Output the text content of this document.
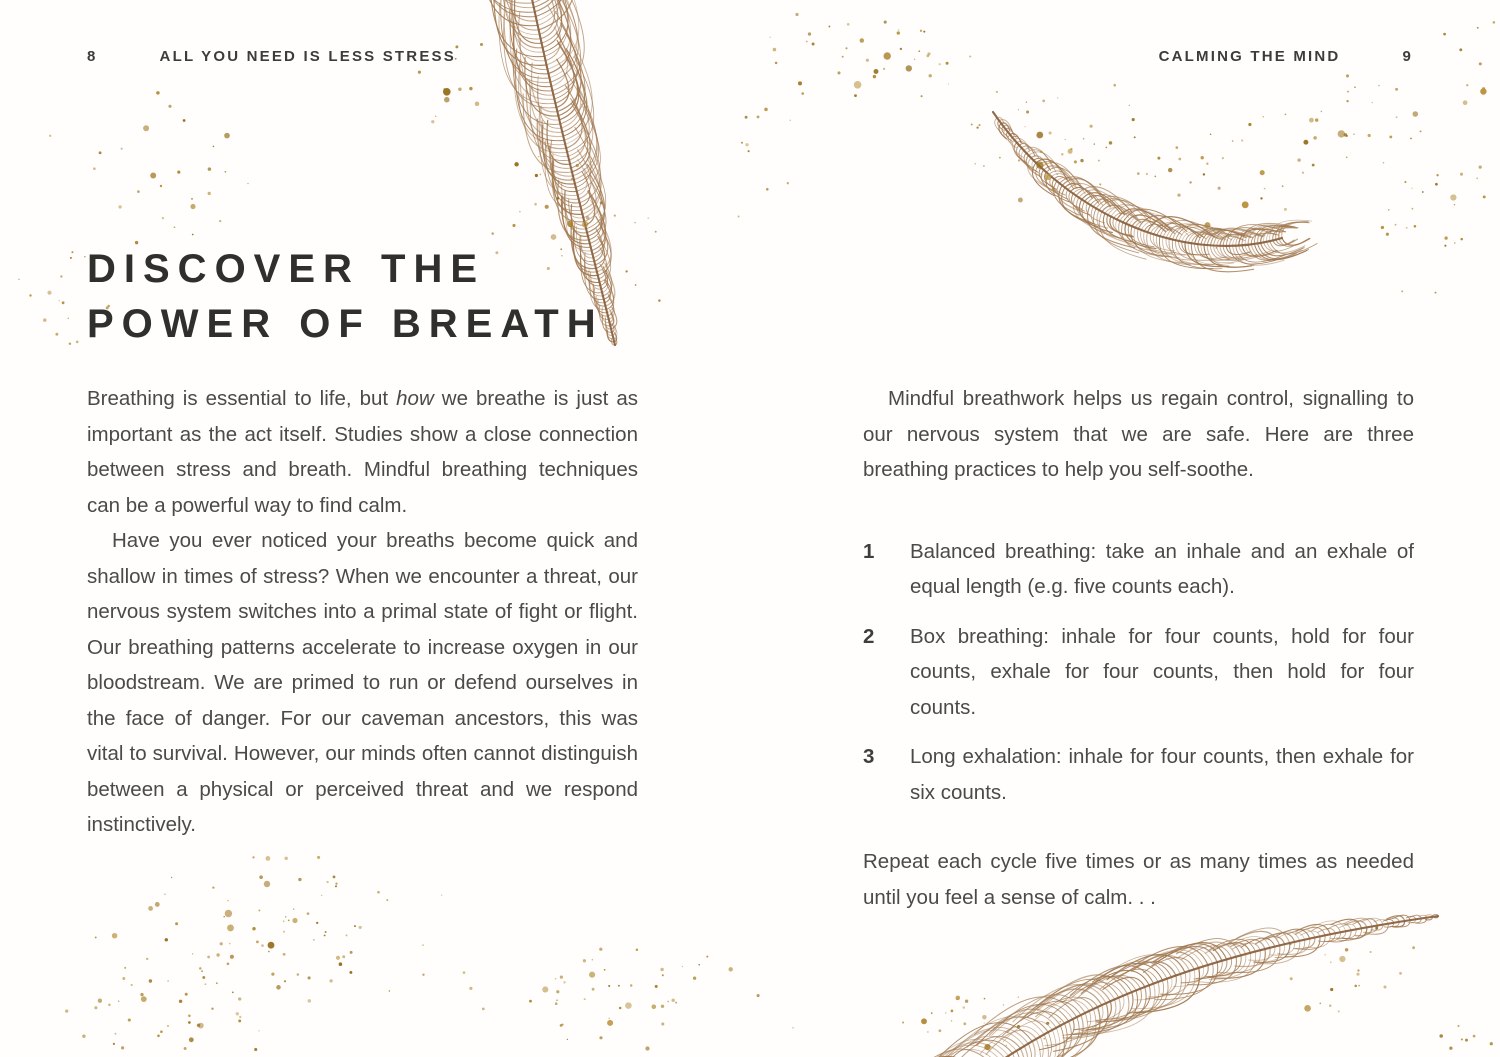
8	ALL YOU NEED IS LESS STRESS	CALMING THE MIND	9
DISCOVER THE
POWER OF BREATH

Breathing is essential to life, but how we breathe is just as important as the act itself. Studies show a close connection between stress and breath. Mindful breathing techniques can be a powerful way to find calm.

Have you ever noticed your breaths become quick and shallow in times of stress? When we encounter a threat, our nervous system switches into a primal state of fight or flight. Our breathing patterns accelerate to increase oxygen in our bloodstream. We are primed to run or defend ourselves in the face of danger. For our caveman ancestors, this was vital to survival. However, our minds often cannot distinguish between a physical or perceived threat and we respond instinctively.

Mindful breathwork helps us regain control, signalling to our nervous system that we are safe. Here are three breathing practices to help you self-soothe.

1	Balanced breathing: take an inhale and an exhale of equal length (e.g. five counts each).

2	Box breathing: inhale for four counts, hold for four counts, exhale for four counts, then hold for four counts.

3	Long exhalation: inhale for four counts, then exhale for six counts.

Repeat each cycle five times or as many times as needed until you feel a sense of calm. . .
